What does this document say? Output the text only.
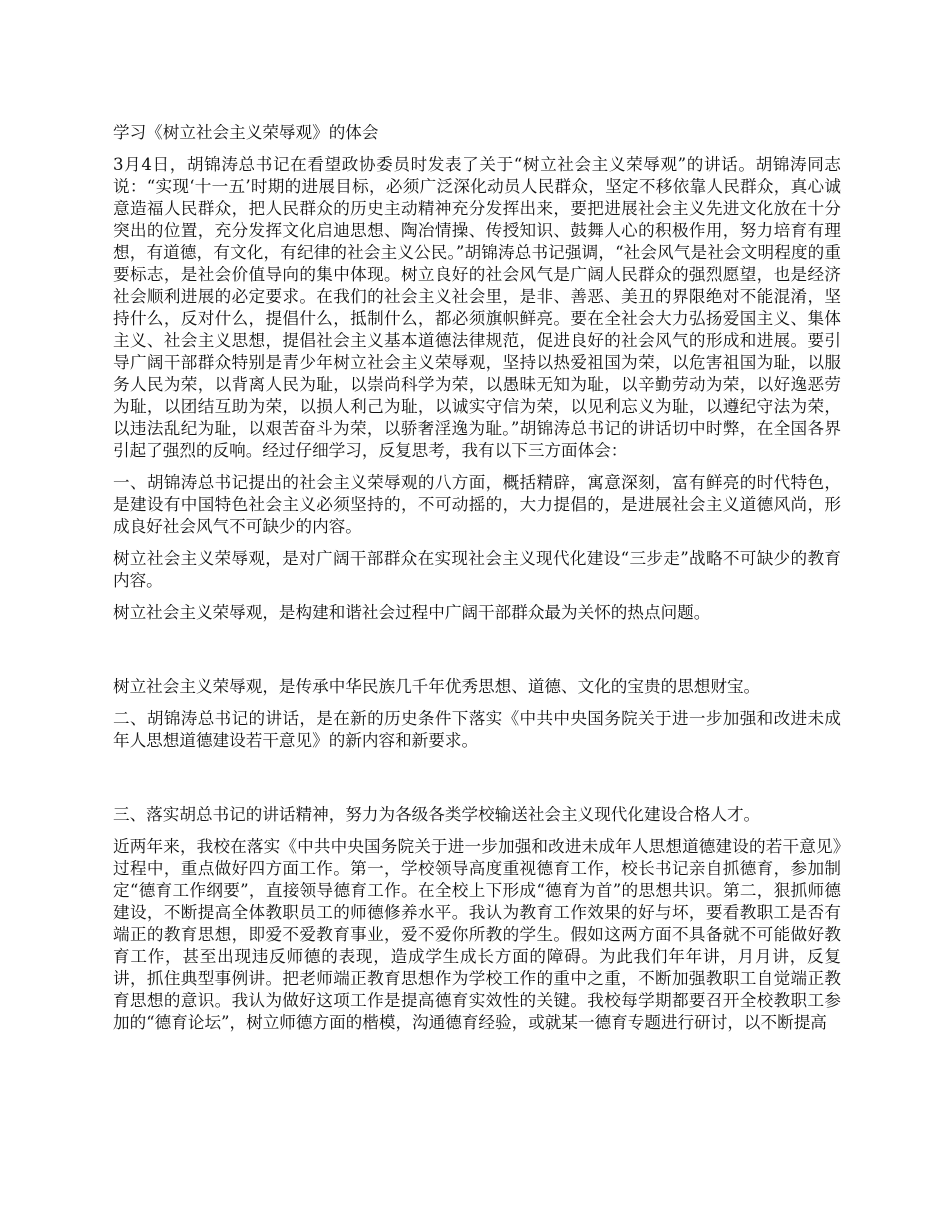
学习《树立社会主义荣辱观》的体会

3月4日，胡锦涛总书记在看望政协委员时发表了关于“树立社会主义荣辱观”的讲话。胡锦涛同志说：“实现‘十一五’时期的进展目标，必须广泛深化动员人民群众，坚定不移依靠人民群众，真心诚意造福人民群众，把人民群众的历史主动精神充分发挥出来，要把进展社会主义先进文化放在十分突出的位置，充分发挥文化启迪思想、陶冶情操、传授知识、鼓舞人心的积极作用，努力培育有理想，有道德，有文化，有纪律的社会主义公民。”胡锦涛总书记强调，“社会风气是社会文明程度的重要标志，是社会价值导向的集中体现。树立良好的社会风气是广阔人民群众的强烈愿望，也是经济社会顺利进展的必定要求。在我们的社会主义社会里，是非、善恶、美丑的界限绝对不能混淆，坚持什么，反对什么，提倡什么，抵制什么，都必须旗帜鲜亮。要在全社会大力弘扬爱国主义、集体主义、社会主义思想，提倡社会主义基本道德法律规范，促进良好的社会风气的形成和进展。要引导广阔干部群众特别是青少年树立社会主义荣辱观，坚持以热爱祖国为荣，以危害祖国为耻，以服务人民为荣，以背离人民为耻，以崇尚科学为荣，以愚昧无知为耻，以辛勤劳动为荣，以好逸恶劳为耻，以团结互助为荣，以损人利己为耻，以诚实守信为荣，以见利忘义为耻，以遵纪守法为荣，以违法乱纪为耻，以艰苦奋斗为荣，以骄奢淫逸为耻。”胡锦涛总书记的讲话切中时弊，在全国各界引起了强烈的反响。经过仔细学习，反复思考，我有以下三方面体会：

一、胡锦涛总书记提出的社会主义荣辱观的八方面，概括精辟，寓意深刻，富有鲜亮的时代特色，是建设有中国特色社会主义必须坚持的，不可动摇的，大力提倡的，是进展社会主义道德风尚，形成良好社会风气不可缺少的内容。

树立社会主义荣辱观，是对广阔干部群众在实现社会主义现代化建设“三步走”战略不可缺少的教育内容。

树立社会主义荣辱观，是构建和谐社会过程中广阔干部群众最为关怀的热点问题。

树立社会主义荣辱观，是传承中华民族几千年优秀思想、道德、文化的宝贵的思想财宝。

二、胡锦涛总书记的讲话，是在新的历史条件下落实《中共中央国务院关于进一步加强和改进未成年人思想道德建设若干意见》的新内容和新要求。

三、落实胡总书记的讲话精神，努力为各级各类学校输送社会主义现代化建设合格人才。

近两年来，我校在落实《中共中央国务院关于进一步加强和改进未成年人思想道德建设的若干意见》过程中，重点做好四方面工作。第一，学校领导高度重视德育工作，校长书记亲自抓德育，参加制定“德育工作纲要”，直接领导德育工作。在全校上下形成“德育为首”的思想共识。第二，狠抓师德建设，不断提高全体教职员工的师德修养水平。我认为教育工作效果的好与坏，要看教职工是否有端正的教育思想，即爱不爱教育事业，爱不爱你所教的学生。假如这两方面不具备就不可能做好教育工作，甚至出现违反师德的表现，造成学生成长方面的障碍。为此我们年年讲，月月讲，反复讲，抓住典型事例讲。把老师端正教育思想作为学校工作的重中之重，不断加强教职工自觉端正教育思想的意识。我认为做好这项工作是提高德育实效性的关键。我校每学期都要召开全校教职工参加的“德育论坛”，树立师德方面的楷模，沟通德育经验，或就某一德育专题进行研讨，以不断提高
